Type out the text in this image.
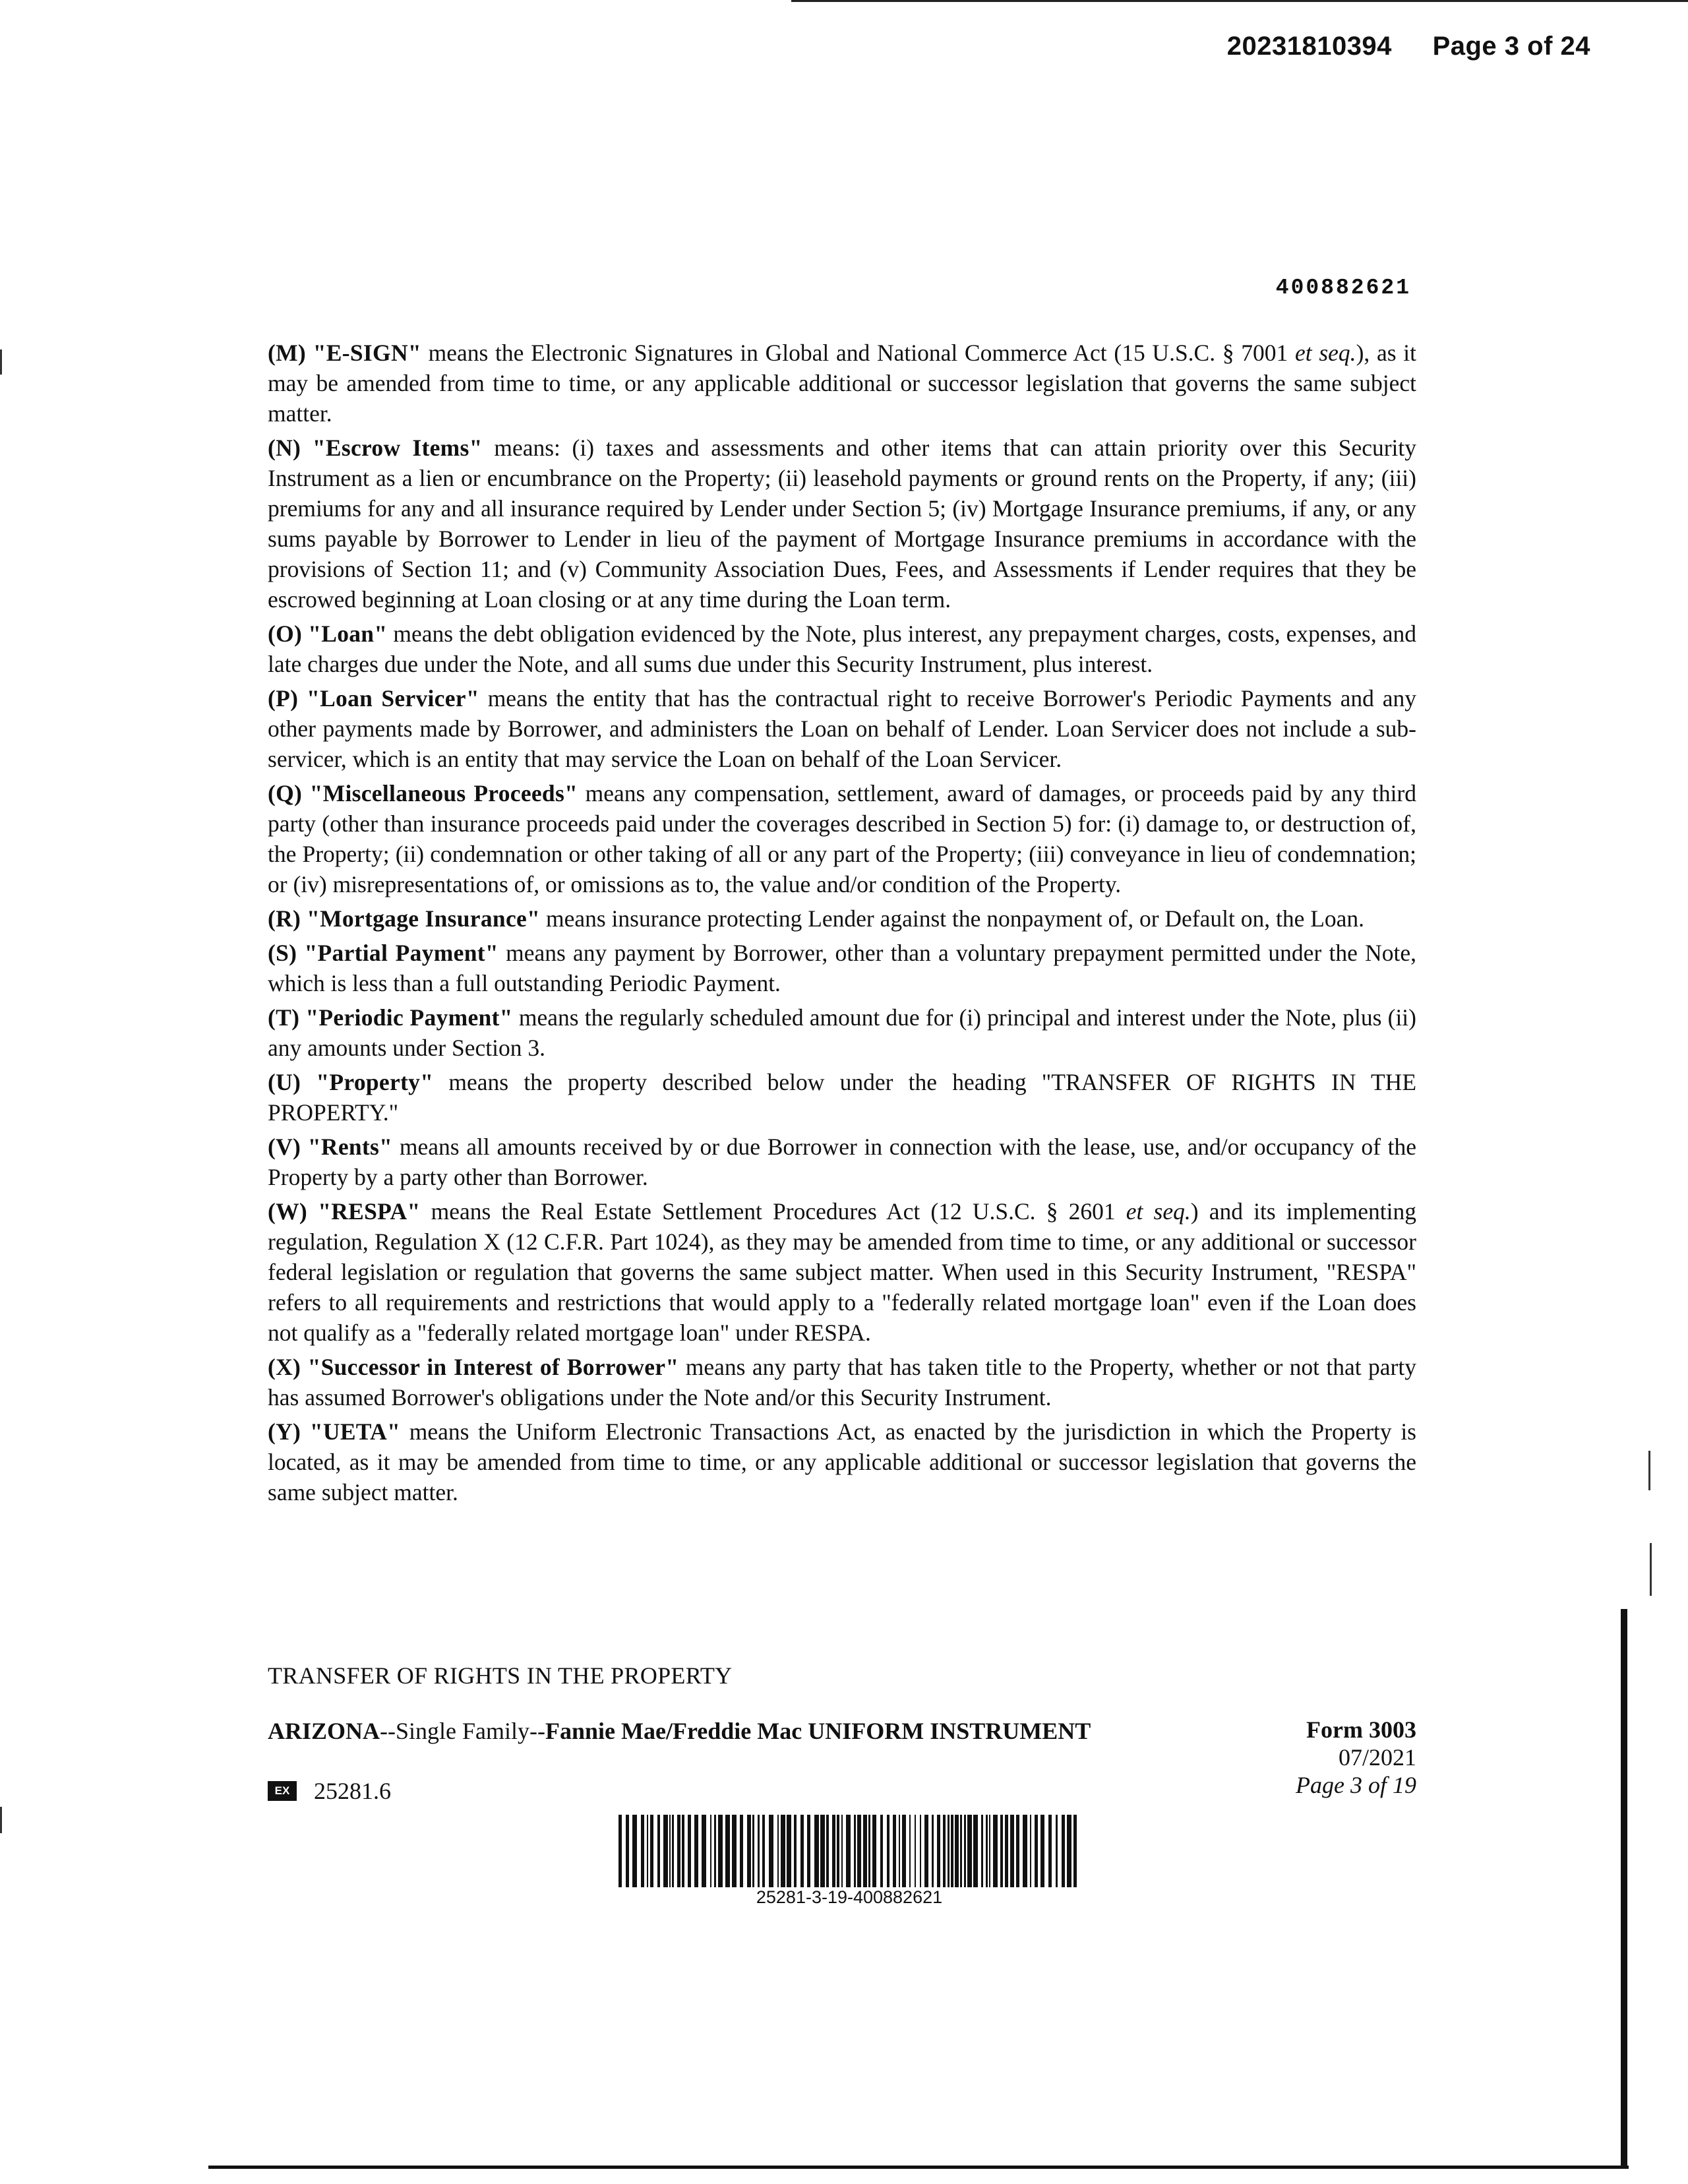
20231810394 Page 3 of 24
400882621

(M) "E-SIGN" means the Electronic Signatures in Global and National Commerce Act (15 U.S.C. § 7001 et seq.), as it may be amended from time to time, or any applicable additional or successor legislation that governs the same subject matter.

(N) "Escrow Items" means: (i) taxes and assessments and other items that can attain priority over this Security Instrument as a lien or encumbrance on the Property; (ii) leasehold payments or ground rents on the Property, if any; (iii) premiums for any and all insurance required by Lender under Section 5; (iv) Mortgage Insurance premiums, if any, or any sums payable by Borrower to Lender in lieu of the payment of Mortgage Insurance premiums in accordance with the provisions of Section 11; and (v) Community Association Dues, Fees, and Assessments if Lender requires that they be escrowed beginning at Loan closing or at any time during the Loan term.

(O) "Loan" means the debt obligation evidenced by the Note, plus interest, any prepayment charges, costs, expenses, and late charges due under the Note, and all sums due under this Security Instrument, plus interest.

(P) "Loan Servicer" means the entity that has the contractual right to receive Borrower's Periodic Payments and any other payments made by Borrower, and administers the Loan on behalf of Lender. Loan Servicer does not include a sub-servicer, which is an entity that may service the Loan on behalf of the Loan Servicer.

(Q) "Miscellaneous Proceeds" means any compensation, settlement, award of damages, or proceeds paid by any third party (other than insurance proceeds paid under the coverages described in Section 5) for: (i) damage to, or destruction of, the Property; (ii) condemnation or other taking of all or any part of the Property; (iii) conveyance in lieu of condemnation; or (iv) misrepresentations of, or omissions as to, the value and/or condition of the Property.

(R) "Mortgage Insurance" means insurance protecting Lender against the nonpayment of, or Default on, the Loan.

(S) "Partial Payment" means any payment by Borrower, other than a voluntary prepayment permitted under the Note, which is less than a full outstanding Periodic Payment.

(T) "Periodic Payment" means the regularly scheduled amount due for (i) principal and interest under the Note, plus (ii) any amounts under Section 3.

(U) "Property" means the property described below under the heading "TRANSFER OF RIGHTS IN THE PROPERTY."

(V) "Rents" means all amounts received by or due Borrower in connection with the lease, use, and/or occupancy of the Property by a party other than Borrower.

(W) "RESPA" means the Real Estate Settlement Procedures Act (12 U.S.C. § 2601 et seq.) and its implementing regulation, Regulation X (12 C.F.R. Part 1024), as they may be amended from time to time, or any additional or successor federal legislation or regulation that governs the same subject matter. When used in this Security Instrument, "RESPA" refers to all requirements and restrictions that would apply to a "federally related mortgage loan" even if the Loan does not qualify as a "federally related mortgage loan" under RESPA.

(X) "Successor in Interest of Borrower" means any party that has taken title to the Property, whether or not that party has assumed Borrower's obligations under the Note and/or this Security Instrument.

(Y) "UETA" means the Uniform Electronic Transactions Act, as enacted by the jurisdiction in which the Property is located, as it may be amended from time to time, or any applicable additional or successor legislation that governs the same subject matter.

TRANSFER OF RIGHTS IN THE PROPERTY
ARIZONA--Single Family--Fannie Mae/Freddie Mac UNIFORM INSTRUMENT	Form 3003
07/2021
Page 3 of 19
EX 25281.6
25281-3-19-400882621
